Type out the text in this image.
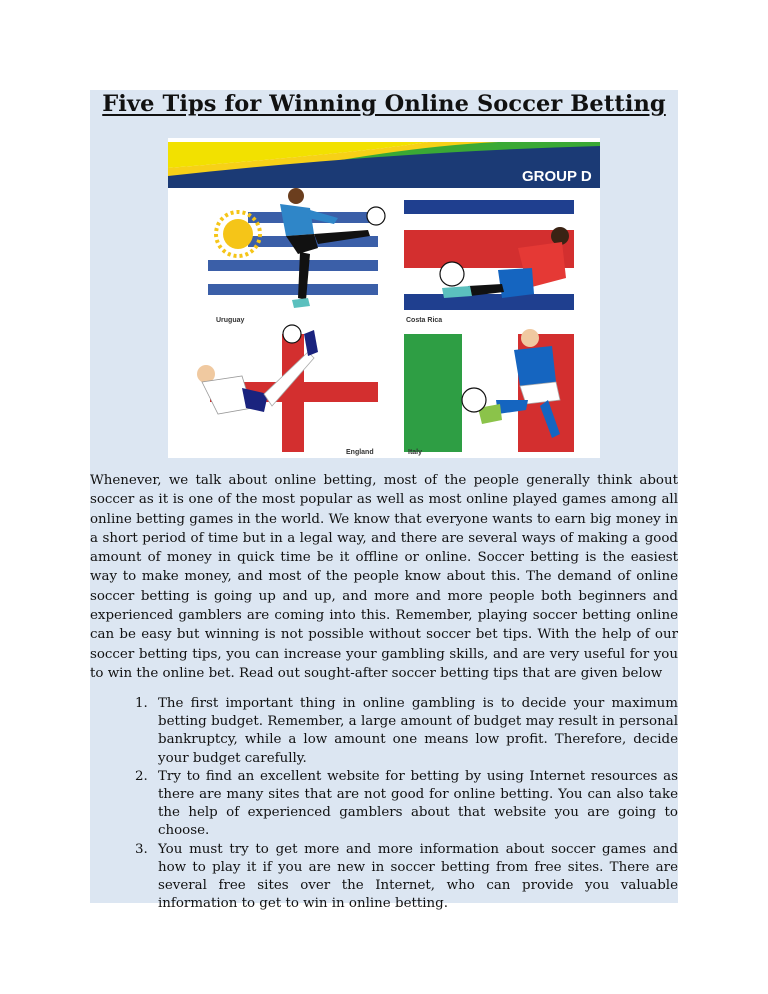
Five Tips for Winning Online Soccer Betting
GROUP D
Uruguay	Costa Rica
England	Italy

Whenever, we talk about online betting, most of the people generally think about soccer as it is one of the most popular as well as most online played games among all online betting games in the world. We know that everyone wants to earn big money in a short period of time but in a legal way, and there are several ways of making a good amount of money in quick time be it offline or online. Soccer betting is the easiest way to make money, and most of the people know about this. The demand of online soccer betting is going up and up, and more and more people both beginners and experienced gamblers are coming into this. Remember, playing soccer betting online can be easy but winning is not possible without soccer bet tips. With the help of our soccer betting tips, you can increase your gambling skills, and are very useful for you to win the online bet. Read out sought-after soccer betting tips that are given below

1. The first important thing in online gambling is to decide your maximum betting budget. Remember, a large amount of budget may result in personal bankruptcy, while a low amount one means low profit. Therefore, decide your budget carefully.
2. Try to find an excellent website for betting by using Internet resources as there are many sites that are not good for online betting. You can also take the help of experienced gamblers about that website you are going to choose.
3. You must try to get more and more information about soccer games and how to play it if you are new in soccer betting from free sites. There are several free sites over the Internet, who can provide you valuable information to get to win in online betting.
